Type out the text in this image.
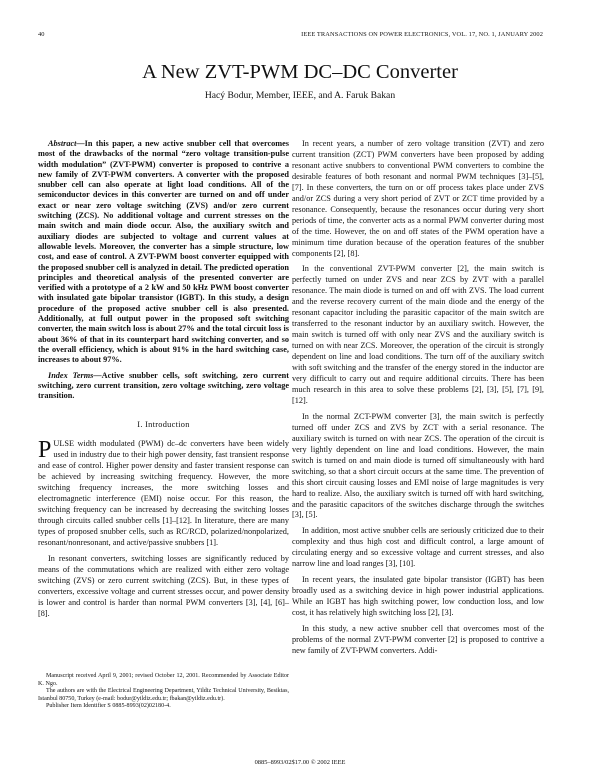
40	IEEE TRANSACTIONS ON POWER ELECTRONICS, VOL. 17, NO. 1, JANUARY 2002
A New ZVT-PWM DC–DC Converter
Hacý Bodur, Member, IEEE, and A. Faruk Bakan

Abstract—In this paper, a new active snubber cell that overcomes most of the drawbacks of the normal “zero voltage transition-pulse width modulation” (ZVT-PWM) converter is proposed to contrive a new family of ZVT-PWM converters. A converter with the proposed snubber cell can also operate at light load conditions. All of the semiconductor devices in this converter are turned on and off under exact or near zero voltage switching (ZVS) and/or zero current switching (ZCS). No additional voltage and current stresses on the main switch and main diode occur. Also, the auxiliary switch and auxiliary diodes are subjected to voltage and current values at allowable levels. Moreover, the converter has a simple structure, low cost, and ease of control. A ZVT-PWM boost converter equipped with the proposed snubber cell is analyzed in detail. The predicted operation principles and theoretical analysis of the presented converter are verified with a prototype of a 2 kW and 50 kHz PWM boost converter with insulated gate bipolar transistor (IGBT). In this study, a design procedure of the proposed active snubber cell is also presented. Additionally, at full output power in the proposed soft switching converter, the main switch loss is about 27% and the total circuit loss is about 36% of that in its counterpart hard switching converter, and so the overall efficiency, which is about 91% in the hard switching case, increases to about 97%.

Index Terms—Active snubber cells, soft switching, zero current switching, zero current transition, zero voltage switching, zero voltage transition.

I. Introduction

PULSE width modulated (PWM) dc–dc converters have been widely used in industry due to their high power density, fast transient response and ease of control. Higher power density and faster transient response can be achieved by increasing switching frequency. However, the more switching frequency increases, the more switching losses and electromagnetic interference (EMI) noise occur. For this reason, the switching frequency can be increased by decreasing the switching losses through circuits called snubber cells [1]–[12]. In literature, there are many types of proposed snubber cells, such as RC/RCD, polarized/nonpolarized, resonant/nonresonant, and active/passive snubbers [1].

In resonant converters, switching losses are significantly reduced by means of the commutations which are realized with either zero voltage switching (ZVS) or zero current switching (ZCS). But, in these types of converters, excessive voltage and current stresses occur, and power density is lower and control is harder than normal PWM converters [3], [4], [6]–[8].

Manuscript received April 9, 2001; revised October 12, 2001. Recommended by Associate Editor K. Ngo.
The authors are with the Electrical Engineering Department, Yildiz Technical University, Besiktas, Istanbul 80750, Turkey (e-mail: bodur@yildiz.edu.tr; fbakan@yildiz.edu.tr).
Publisher Item Identifier S 0885-8993(02)02180-4.

In recent years, a number of zero voltage transition (ZVT) and zero current transition (ZCT) PWM converters have been proposed by adding resonant active snubbers to conventional PWM converters to combine the desirable features of both resonant and normal PWM techniques [3]–[5], [7]. In these converters, the turn on or off process takes place under ZVS and/or ZCS during a very short period of ZVT or ZCT time provided by a resonance. Consequently, because the resonances occur during very short periods of time, the converter acts as a normal PWM converter during most of the time. However, the on and off states of the PWM operation have a minimum time duration because of the operation features of the snubber components [2], [8].

In the conventional ZVT-PWM converter [2], the main switch is perfectly turned on under ZVS and near ZCS by ZVT with a parallel resonance. The main diode is turned on and off with ZVS. The load current and the reverse recovery current of the main diode and the energy of the resonant capacitor including the parasitic capacitor of the main switch are transferred to the resonant inductor by an auxiliary switch. However, the main switch is turned off with only near ZVS and the auxiliary switch is turned on with near ZCS. Moreover, the operation of the circuit is strongly dependent on line and load conditions. The turn off of the auxiliary switch with soft switching and the transfer of the energy stored in the inductor are very difficult to carry out and require additional circuits. There has been much research in this area to solve these problems [2], [3], [5], [7], [9], [12].

In the normal ZCT-PWM converter [3], the main switch is perfectly turned off under ZCS and ZVS by ZCT with a serial resonance. The auxiliary switch is turned on with near ZCS. The operation of the circuit is very lightly dependent on line and load conditions. However, the main switch is turned on and main diode is turned off simultaneously with hard switching, so that a short circuit occurs at the same time. The prevention of this short circuit causing losses and EMI noise of large magnitudes is very hard to realize. Also, the auxiliary switch is turned off with hard switching, and the parasitic capacitors of the switches discharge through the switches [3], [5].

In addition, most active snubber cells are seriously criticized due to their complexity and thus high cost and difficult control, a large amount of circulating energy and so excessive voltage and current stresses, and also narrow line and load ranges [3], [10].

In recent years, the insulated gate bipolar transistor (IGBT) has been broadly used as a switching device in high power industrial applications. While an IGBT has high switching power, low conduction loss, and low cost, it has relatively high switching loss [2], [3].

In this study, a new active snubber cell that overcomes most of the problems of the normal ZVT-PWM converter [2] is proposed to contrive a new family of ZVT-PWM converters. Addi-

0885–8993/02$17.00 © 2002 IEEE
